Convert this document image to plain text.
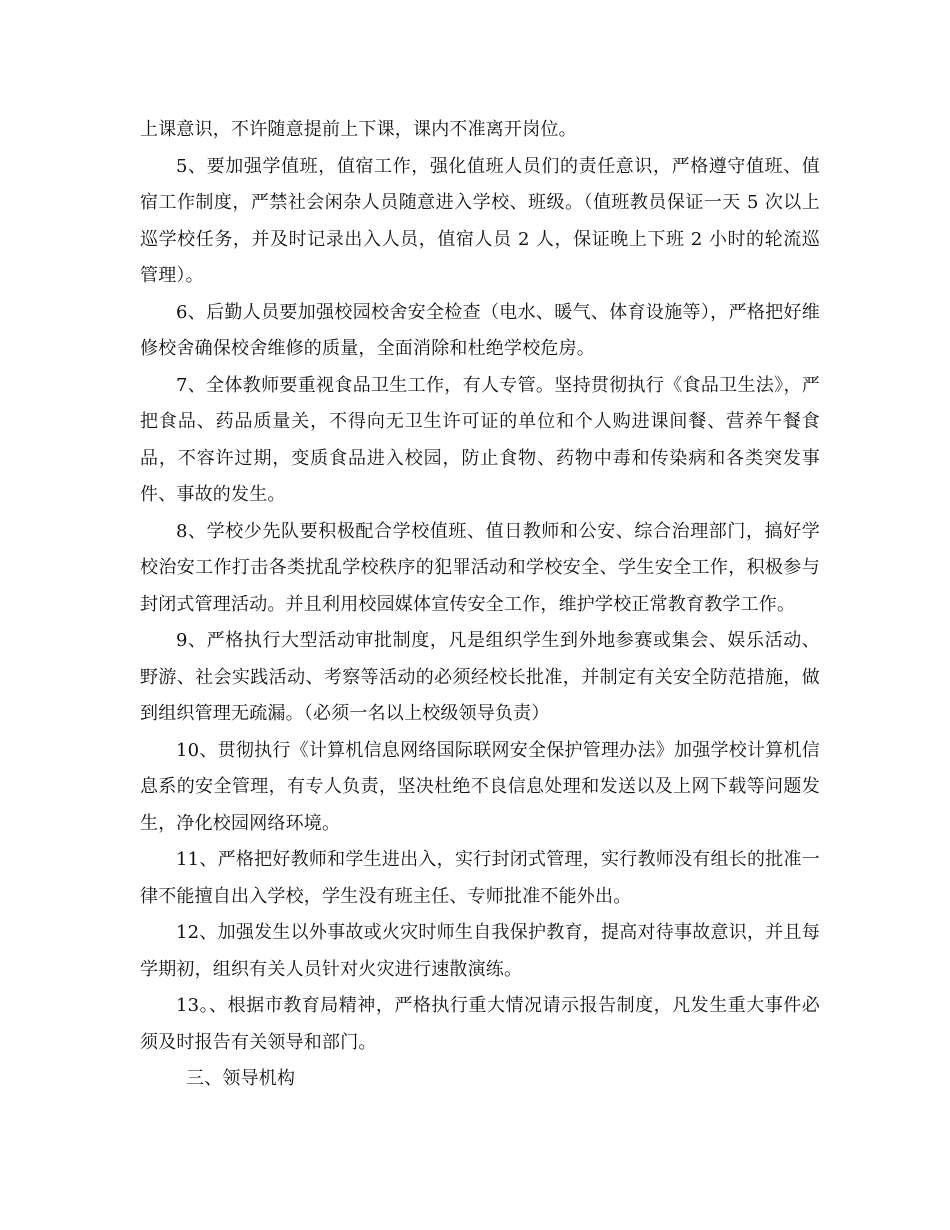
上课意识，不许随意提前上下课，课内不准离开岗位。

5、要加强学值班，值宿工作，强化值班人员们的责任意识，严格遵守值班、值宿工作制度，严禁社会闲杂人员随意进入学校、班级。（值班教员保证一天 5 次以上巡学校任务，并及时记录出入人员，值宿人员 2 人，保证晚上下班 2 小时的轮流巡管理）。

6、后勤人员要加强校园校舍安全检查（电水、暖气、体育设施等），严格把好维修校舍确保校舍维修的质量，全面消除和杜绝学校危房。

7、全体教师要重视食品卫生工作，有人专管。坚持贯彻执行《食品卫生法》，严把食品、药品质量关，不得向无卫生许可证的单位和个人购进课间餐、营养午餐食品，不容许过期，变质食品进入校园，防止食物、药物中毒和传染病和各类突发事件、事故的发生。

8、学校少先队要积极配合学校值班、值日教师和公安、综合治理部门，搞好学校治安工作打击各类扰乱学校秩序的犯罪活动和学校安全、学生安全工作，积极参与封闭式管理活动。并且利用校园媒体宣传安全工作，维护学校正常教育教学工作。

9、严格执行大型活动审批制度，凡是组织学生到外地参赛或集会、娱乐活动、野游、社会实践活动、考察等活动的必须经校长批准，并制定有关安全防范措施，做到组织管理无疏漏。（必须一名以上校级领导负责）

10、贯彻执行《计算机信息网络国际联网安全保护管理办法》加强学校计算机信息系的安全管理，有专人负责，坚决杜绝不良信息处理和发送以及上网下载等问题发生，净化校园网络环境。

11、严格把好教师和学生进出入，实行封闭式管理，实行教师没有组长的批准一律不能擅自出入学校，学生没有班主任、专师批准不能外出。

12、加强发生以外事故或火灾时师生自我保护教育，提高对待事故意识，并且每学期初，组织有关人员针对火灾进行速散演练。

13。、根据市教育局精神，严格执行重大情况请示报告制度，凡发生重大事件必须及时报告有关领导和部门。

三、领导机构
